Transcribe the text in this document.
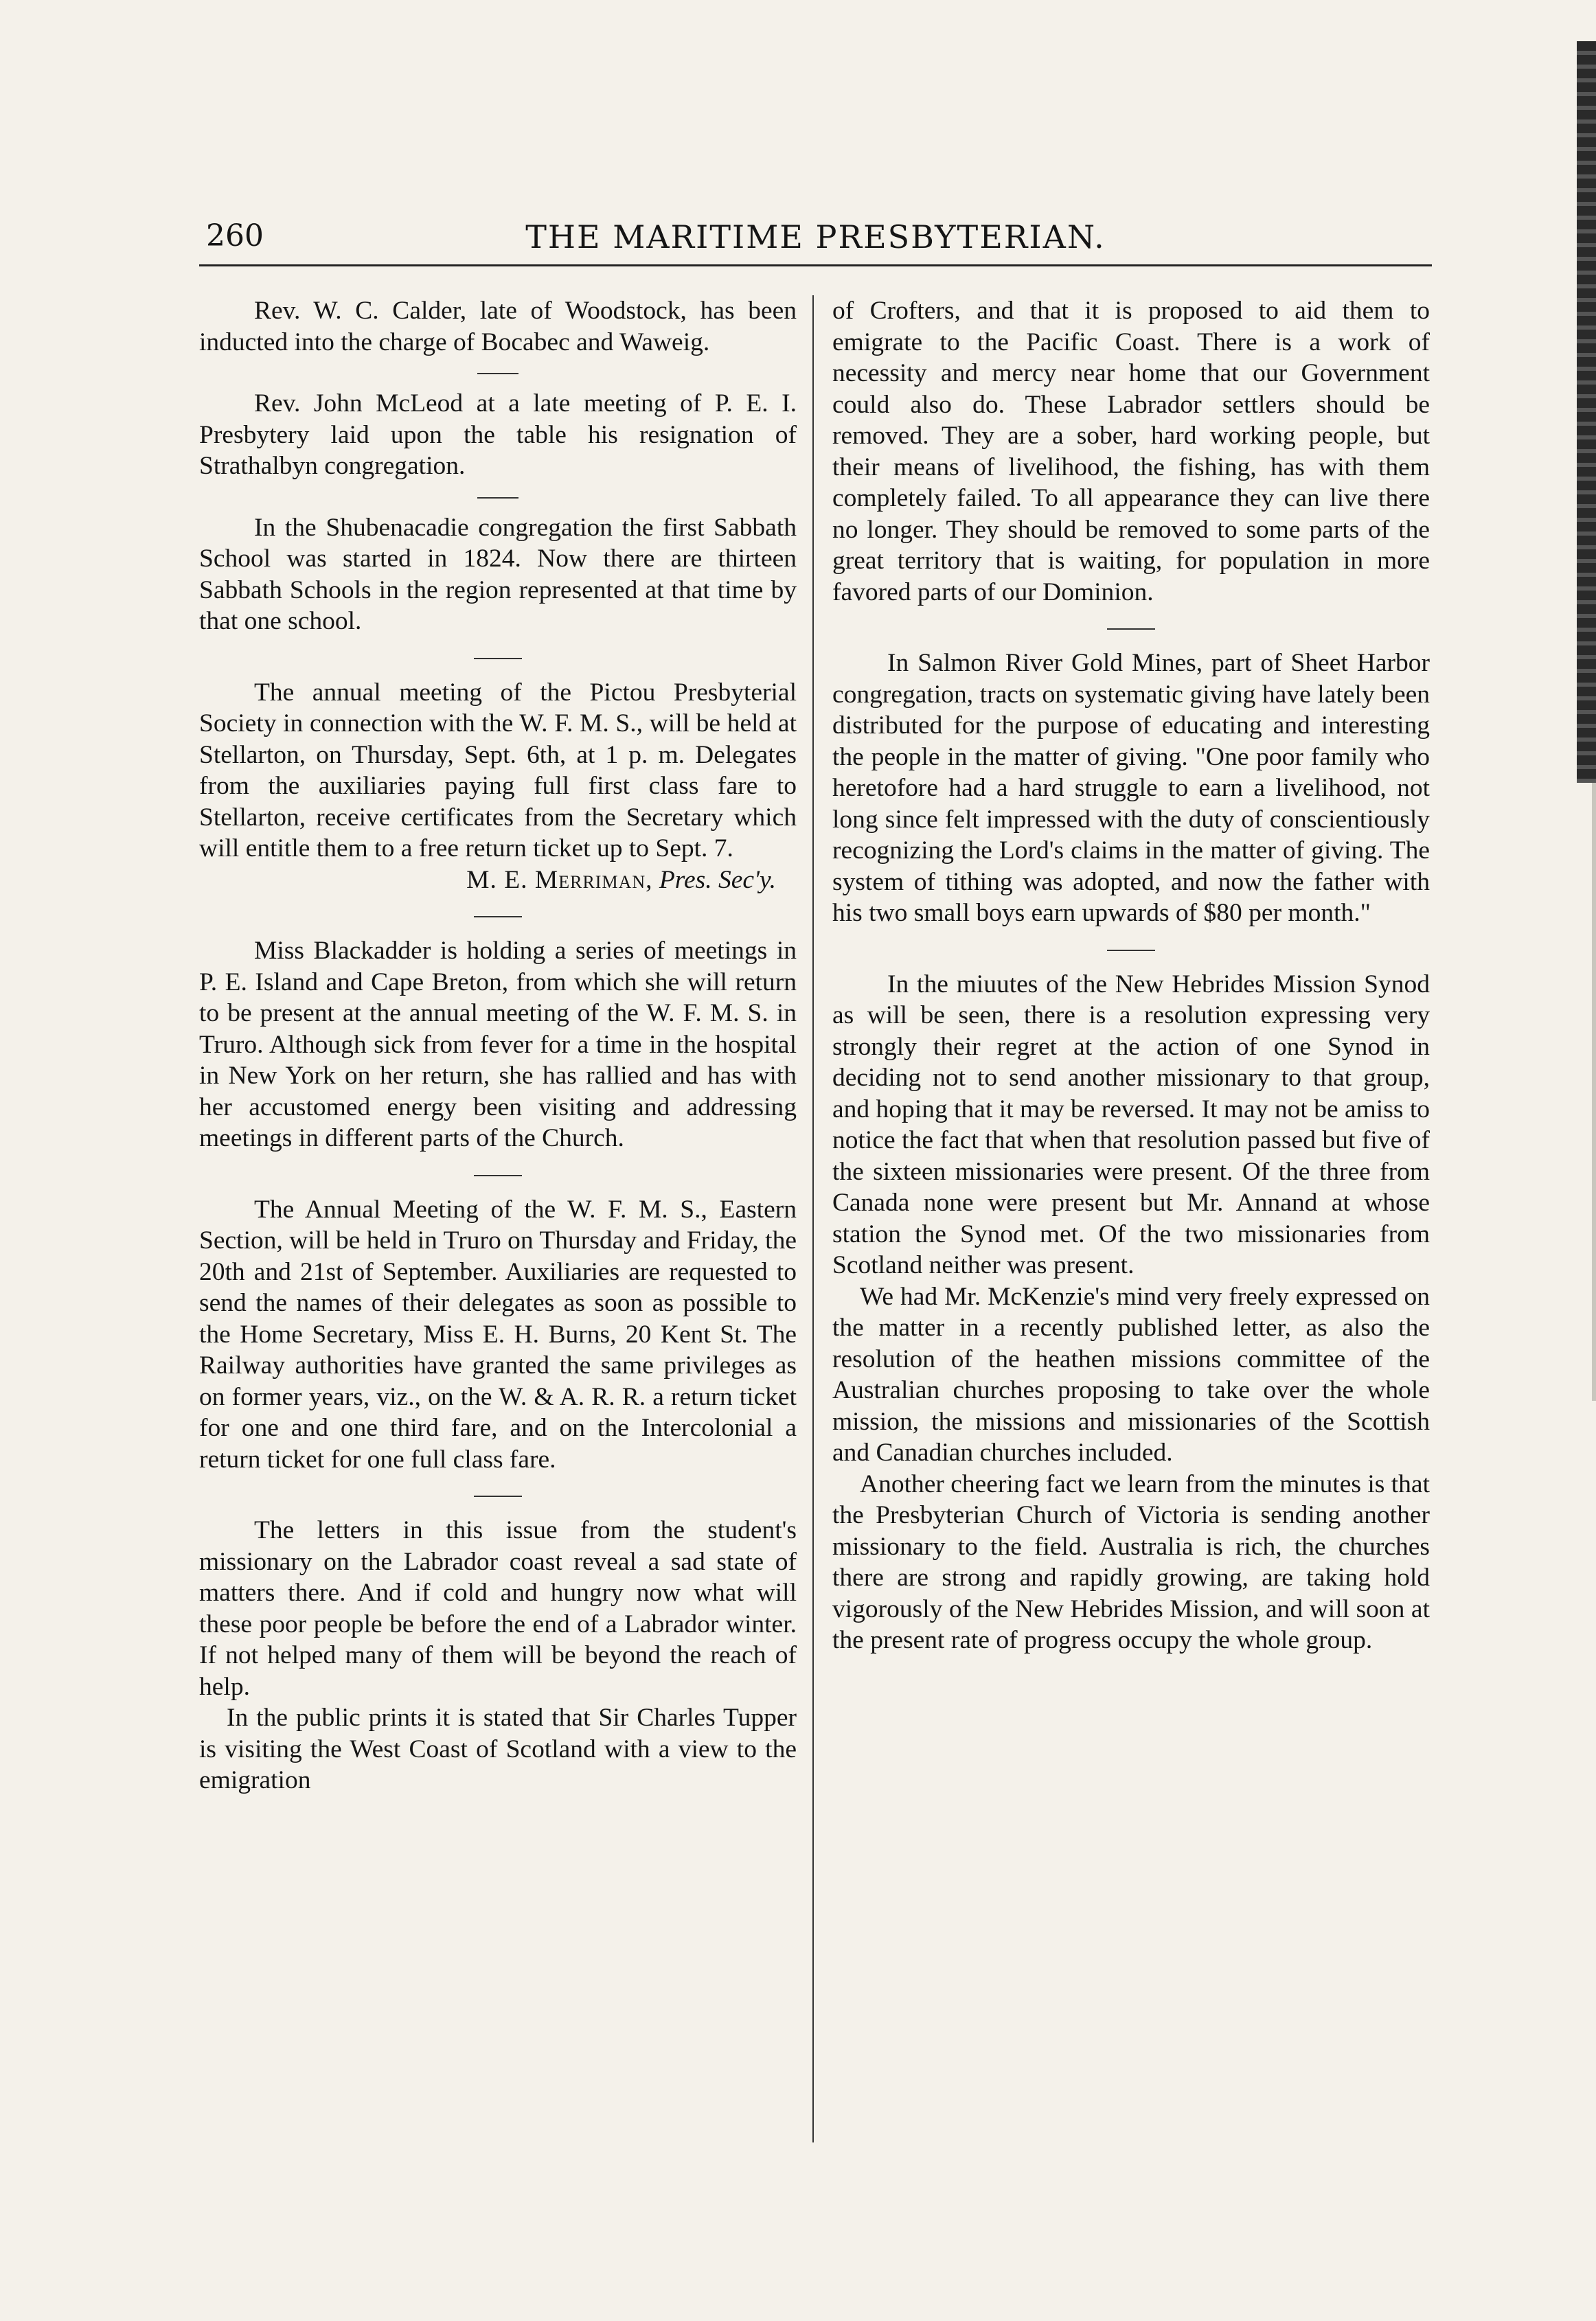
260	THE MARITIME PRESBYTERIAN.

Rev. W. C. Calder, late of Woodstock, has been inducted into the charge of Bocabec and Waweig.

Rev. John McLeod at a late meeting of P. E. I. Presbytery laid upon the table his resignation of Strathalbyn congregation.

In the Shubenacadie congregation the first Sabbath School was started in 1824. Now there are thirteen Sabbath Schools in the region represented at that time by that one school.

The annual meeting of the Pictou Presbyterial Society in connection with the W. F. M. S., will be held at Stellarton, on Thursday, Sept. 6th, at 1 p. m. Delegates from the auxiliaries paying full first class fare to Stellarton, receive certificates from the Secretary which will entitle them to a free return ticket up to Sept. 7.

M. E. Merriman, Pres. Sec'y.

Miss Blackadder is holding a series of meetings in P. E. Island and Cape Breton, from which she will return to be present at the annual meeting of the W. F. M. S. in Truro. Although sick from fever for a time in the hospital in New York on her return, she has rallied and has with her accustomed energy been visiting and addressing meetings in different parts of the Church.

The Annual Meeting of the W. F. M. S., Eastern Section, will be held in Truro on Thursday and Friday, the 20th and 21st of September. Auxiliaries are requested to send the names of their delegates as soon as possible to the Home Secretary, Miss E. H. Burns, 20 Kent St. The Railway authorities have granted the same privileges as on former years, viz., on the W. & A. R. R. a return ticket for one and one third fare, and on the Intercolonial a return ticket for one full class fare.

The letters in this issue from the student's missionary on the Labrador coast reveal a sad state of matters there. And if cold and hungry now what will these poor people be before the end of a Labrador winter. If not helped many of them will be beyond the reach of help.

In the public prints it is stated that Sir Charles Tupper is visiting the West Coast of Scotland with a view to the emigration

of Crofters, and that it is proposed to aid them to emigrate to the Pacific Coast. There is a work of necessity and mercy near home that our Government could also do. These Labrador settlers should be removed. They are a sober, hard working people, but their means of livelihood, the fishing, has with them completely failed. To all appearance they can live there no longer. They should be removed to some parts of the great territory that is waiting, for population in more favored parts of our Dominion.

In Salmon River Gold Mines, part of Sheet Harbor congregation, tracts on systematic giving have lately been distributed for the purpose of educating and interesting the people in the matter of giving. "One poor family who heretofore had a hard struggle to earn a livelihood, not long since felt impressed with the duty of conscientiously recognizing the Lord's claims in the matter of giving. The system of tithing was adopted, and now the father with his two small boys earn upwards of $80 per month."

In the miuutes of the New Hebrides Mission Synod as will be seen, there is a resolution expressing very strongly their regret at the action of one Synod in deciding not to send another missionary to that group, and hoping that it may be reversed. It may not be amiss to notice the fact that when that resolution passed but five of the sixteen missionaries were present. Of the three from Canada none were present but Mr. Annand at whose station the Synod met. Of the two missionaries from Scotland neither was present.

We had Mr. McKenzie's mind very freely expressed on the matter in a recently published letter, as also the resolution of the heathen missions committee of the Australian churches proposing to take over the whole mission, the missions and missionaries of the Scottish and Canadian churches included.

Another cheering fact we learn from the minutes is that the Presbyterian Church of Victoria is sending another missionary to the field. Australia is rich, the churches there are strong and rapidly growing, are taking hold vigorously of the New Hebrides Mission, and will soon at the present rate of progress occupy the whole group.
